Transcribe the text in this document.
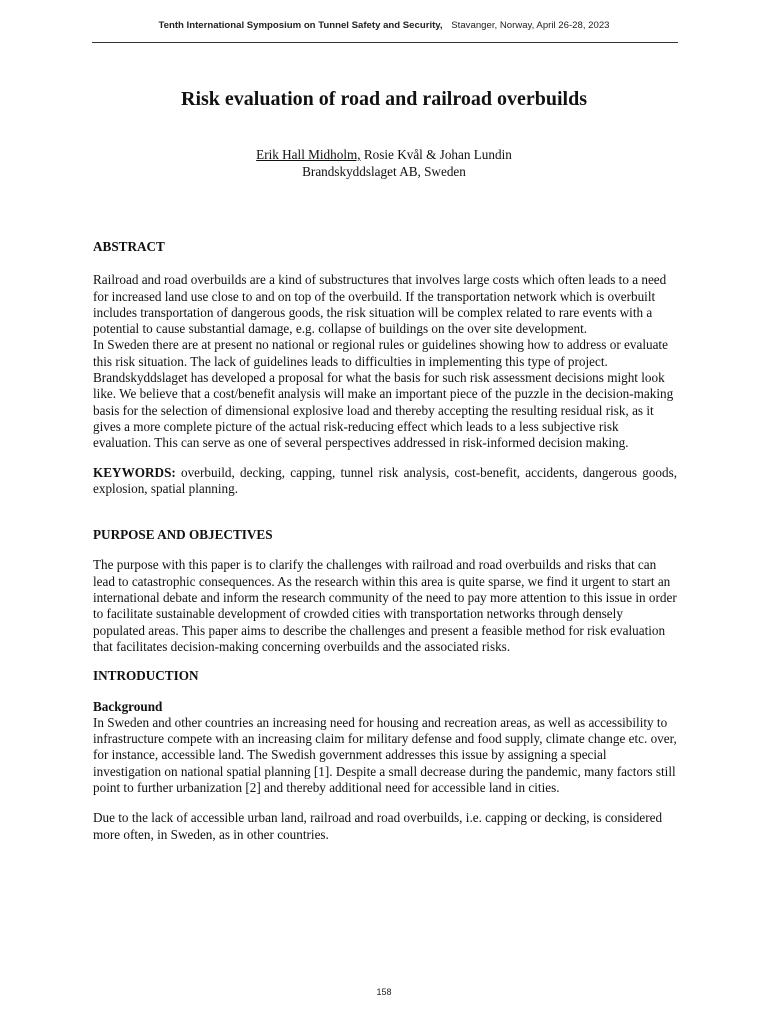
Tenth International Symposium on Tunnel Safety and Security, Stavanger, Norway, April 26-28, 2023
Risk evaluation of road and railroad overbuilds
Erik Hall Midholm, Rosie Kvål & Johan Lundin
Brandskyddslaget AB, Sweden

ABSTRACT

Railroad and road overbuilds are a kind of substructures that involves large costs which often leads to a need for increased land use close to and on top of the overbuild. If the transportation network which is overbuilt includes transportation of dangerous goods, the risk situation will be complex related to rare events with a potential to cause substantial damage, e.g. collapse of buildings on the over site development.

In Sweden there are at present no national or regional rules or guidelines showing how to address or evaluate this risk situation. The lack of guidelines leads to difficulties in implementing this type of project.

Brandskyddslaget has developed a proposal for what the basis for such risk assessment decisions might look like. We believe that a cost/benefit analysis will make an important piece of the puzzle in the decision-making basis for the selection of dimensional explosive load and thereby accepting the resulting residual risk, as it gives a more complete picture of the actual risk-reducing effect which leads to a less subjective risk evaluation. This can serve as one of several perspectives addressed in risk-informed decision making.

KEYWORDS: overbuild, decking, capping, tunnel risk analysis, cost-benefit, accidents, dangerous goods, explosion, spatial planning.

PURPOSE AND OBJECTIVES

The purpose with this paper is to clarify the challenges with railroad and road overbuilds and risks that can lead to catastrophic consequences. As the research within this area is quite sparse, we find it urgent to start an international debate and inform the research community of the need to pay more attention to this issue in order to facilitate sustainable development of crowded cities with transportation networks through densely populated areas. This paper aims to describe the challenges and present a feasible method for risk evaluation that facilitates decision-making concerning overbuilds and the associated risks.

INTRODUCTION

Background

In Sweden and other countries an increasing need for housing and recreation areas, as well as accessibility to infrastructure compete with an increasing claim for military defense and food supply, climate change etc. over, for instance, accessible land. The Swedish government addresses this issue by assigning a special investigation on national spatial planning [1]. Despite a small decrease during the pandemic, many factors still point to further urbanization [2] and thereby additional need for accessible land in cities.

Due to the lack of accessible urban land, railroad and road overbuilds, i.e. capping or decking, is considered more often, in Sweden, as in other countries.

158
